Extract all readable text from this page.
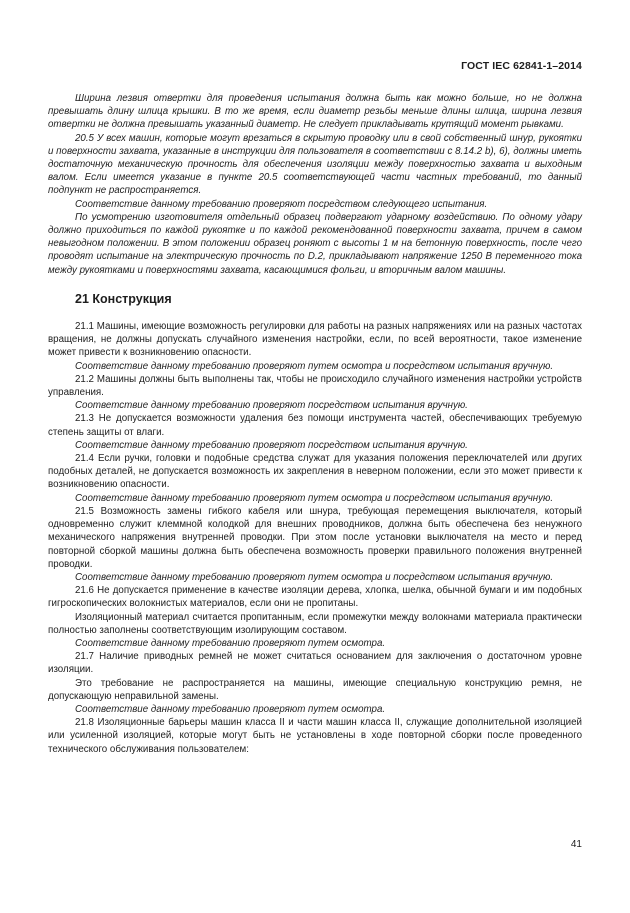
ГОСТ IEC 62841-1–2014

Ширина лезвия отвертки для проведения испытания должна быть как можно больше, но не должна превышать длину шлица крышки. В то же время, если диаметр резьбы меньше длины шлица, ширина лезвия отвертки не должна превышать указанный диаметр. Не следует прикладывать крутящий момент рывками.

20.5 У всех машин, которые могут врезаться в скрытую проводку или в свой собственный шнур, рукоятки и поверхности захвата, указанные в инструкции для пользователя в соответствии с 8.14.2 b), 6), должны иметь достаточную механическую прочность для обеспечения изоляции между поверхностью захвата и выходным валом. Если имеется указание в пункте 20.5 соответствующей части частных требований, то данный подпункт не распространяется.

Соответствие данному требованию проверяют посредством следующего испытания.

По усмотрению изготовителя отдельный образец подвергают ударному воздействию. По одному удару должно приходиться по каждой рукоятке и по каждой рекомендованной поверхности захвата, причем в самом невыгодном положении. В этом положении образец роняют с высоты 1 м на бетонную поверхность, после чего проводят испытание на электрическую прочность по D.2, прикладывают напряжение 1250 В переменного тока между рукоятками и поверхностями захвата, касающимися фольги, и вторичным валом машины.

21 Конструкция

21.1 Машины, имеющие возможность регулировки для работы на разных напряжениях или на разных частотах вращения, не должны допускать случайного изменения настройки, если, по всей вероятности, такое изменение может привести к возникновению опасности.

Соответствие данному требованию проверяют путем осмотра и посредством испытания вручную.

21.2 Машины должны быть выполнены так, чтобы не происходило случайного изменения настройки устройств управления.

Соответствие данному требованию проверяют посредством испытания вручную.

21.3 Не допускается возможности удаления без помощи инструмента частей, обеспечивающих требуемую степень защиты от влаги.

Соответствие данному требованию проверяют посредством испытания вручную.

21.4 Если ручки, головки и подобные средства служат для указания положения переключателей или других подобных деталей, не допускается возможность их закрепления в неверном положении, если это может привести к возникновению опасности.

Соответствие данному требованию проверяют путем осмотра и посредством испытания вручную.

21.5 Возможность замены гибкого кабеля или шнура, требующая перемещения выключателя, который одновременно служит клеммной колодкой для внешних проводников, должна быть обеспечена без ненужного механического напряжения внутренней проводки. При этом после установки выключателя на место и перед повторной сборкой машины должна быть обеспечена возможность проверки правильного положения внутренней проводки.

Соответствие данному требованию проверяют путем осмотра и посредством испытания вручную.

21.6 Не допускается применение в качестве изоляции дерева, хлопка, шелка, обычной бумаги и им подобных гигроскопических волокнистых материалов, если они не пропитаны.

Изоляционный материал считается пропитанным, если промежутки между волокнами материала практически полностью заполнены соответствующим изолирующим составом.

Соответствие данному требованию проверяют путем осмотра.

21.7 Наличие приводных ремней не может считаться основанием для заключения о достаточном уровне изоляции.

Это требование не распространяется на машины, имеющие специальную конструкцию ремня, не допускающую неправильной замены.

Соответствие данному требованию проверяют путем осмотра.

21.8 Изоляционные барьеры машин класса II и части машин класса II, служащие дополнительной изоляцией или усиленной изоляцией, которые могут быть не установлены в ходе повторной сборки после проведенного технического обслуживания пользователем:

41
